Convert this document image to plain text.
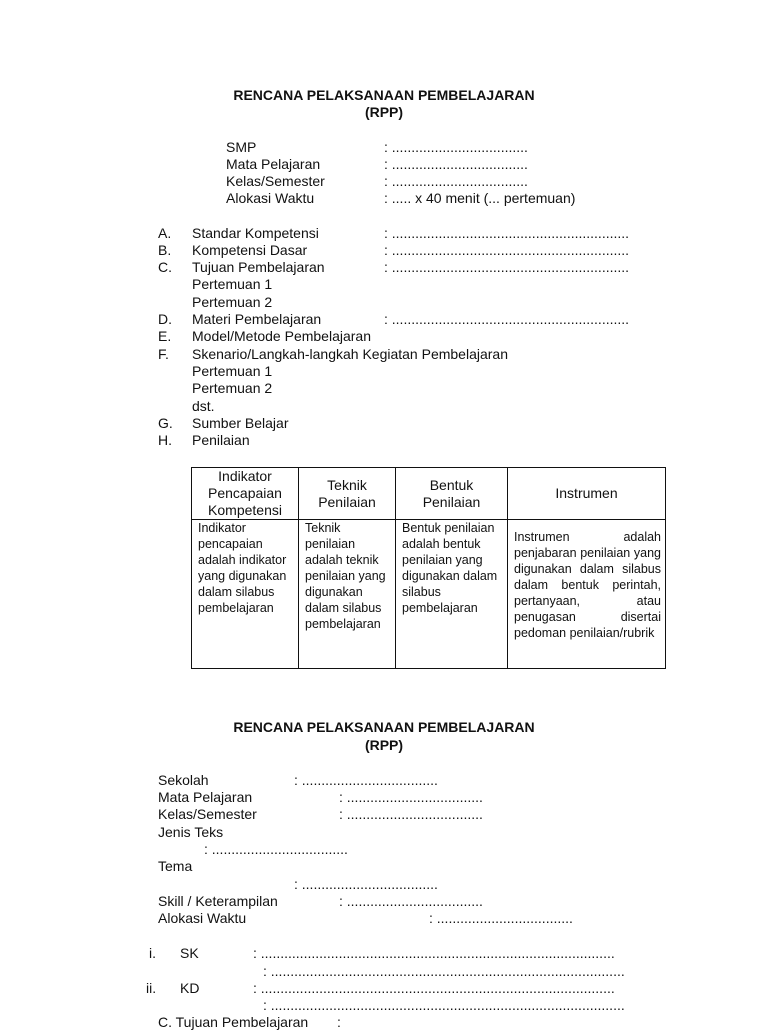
RENCANA PELAKSANAAN PEMBELAJARAN
(RPP)
SMP	: ...................................
Mata Pelajaran	: ...................................
Kelas/Semester	: ...................................
Alokasi Waktu	: ..... x 40 menit (... pertemuan)
A. Standar Kompetensi	: .............................................................
B. Kompetensi Dasar	: .............................................................
C. Tujuan Pembelajaran	: .............................................................
Pertemuan 1
Pertemuan 2
D. Materi Pembelajaran	: .............................................................
E. Model/Metode Pembelajaran
F. Skenario/Langkah-langkah Kegiatan Pembelajaran
Pertemuan 1
Pertemuan 2
dst.
G. Sumber Belajar
H. Penilaian
Indikator Pencapaian Kompetensi	Teknik Penilaian	Bentuk Penilaian	Instrumen

Indikator pencapaian adalah indikator yang digunakan dalam silabus pembelajaran	Teknik penilaian adalah teknik penilaian yang digunakan dalam silabus pembelajaran	Bentuk penilaian adalah bentuk penilaian yang digunakan dalam silabus pembelajaran	Instrumen adalah penjabaran penilaian yang digunakan dalam silabus dalam bentuk perintah, pertanyaan, atau penugasan disertai pedoman penilaian/rubrik
RENCANA PELAKSANAAN PEMBELAJARAN
(RPP)
Sekolah	: ...................................
Mata Pelajaran	: ...................................
Kelas/Semester	: ...................................
Jenis Teks
: ...................................
Tema
: ...................................
Skill / Keterampilan	: ...................................
Alokasi Waktu	: ...................................
i. SK	: ...........................................................................................
: ...........................................................................................
ii. KD	: ...........................................................................................
: ...........................................................................................
C. Tujuan Pembelajaran :
